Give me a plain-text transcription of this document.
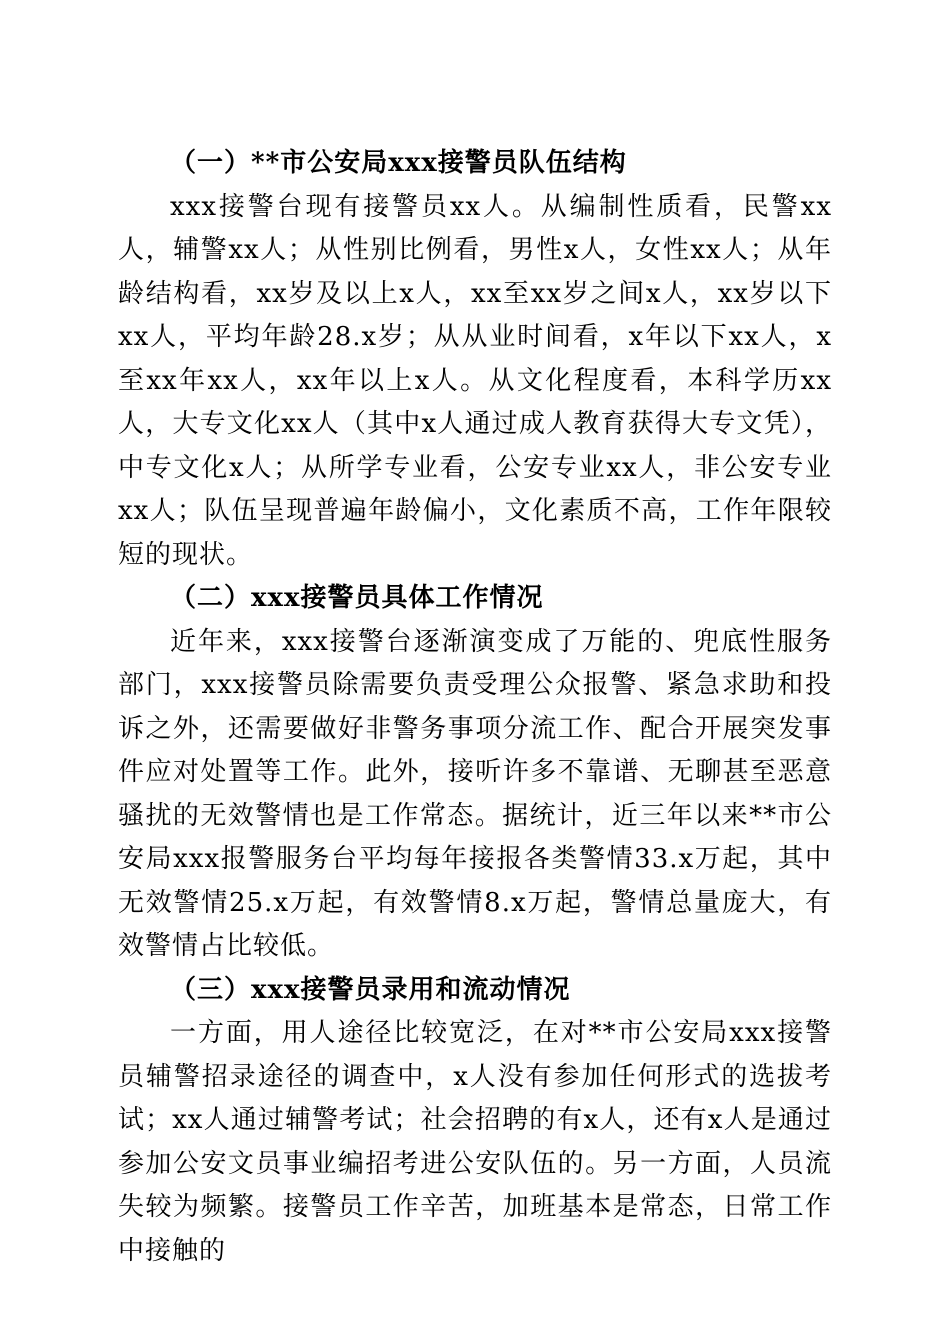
（一）**市公安局xxx接警员队伍结构

xxx接警台现有接警员xx人。从编制性质看，民警xx人，辅警xx人；从性别比例看，男性x人，女性xx人；从年龄结构看，xx岁及以上x人，xx至xx岁之间x人，xx岁以下xx人，平均年龄28.x岁；从从业时间看，x年以下xx人，x至xx年xx人，xx年以上x人。从文化程度看，本科学历xx人，大专文化xx人（其中x人通过成人教育获得大专文凭），中专文化x人；从所学专业看，公安专业xx人，非公安专业xx人；队伍呈现普遍年龄偏小，文化素质不高，工作年限较短的现状。

（二）xxx接警员具体工作情况

近年来，xxx接警台逐渐演变成了万能的、兜底性服务部门，xxx接警员除需要负责受理公众报警、紧急求助和投诉之外，还需要做好非警务事项分流工作、配合开展突发事件应对处置等工作。此外，接听许多不靠谱、无聊甚至恶意骚扰的无效警情也是工作常态。据统计，近三年以来**市公安局xxx报警服务台平均每年接报各类警情33.x万起，其中无效警情25.x万起，有效警情8.x万起，警情总量庞大，有效警情占比较低。

（三）xxx接警员录用和流动情况

一方面，用人途径比较宽泛，在对**市公安局xxx接警员辅警招录途径的调查中，x人没有参加任何形式的选拔考试；xx人通过辅警考试；社会招聘的有x人，还有x人是通过参加公安文员事业编招考进公安队伍的。另一方面，人员流失较为频繁。接警员工作辛苦，加班基本是常态，日常工作中接触的
